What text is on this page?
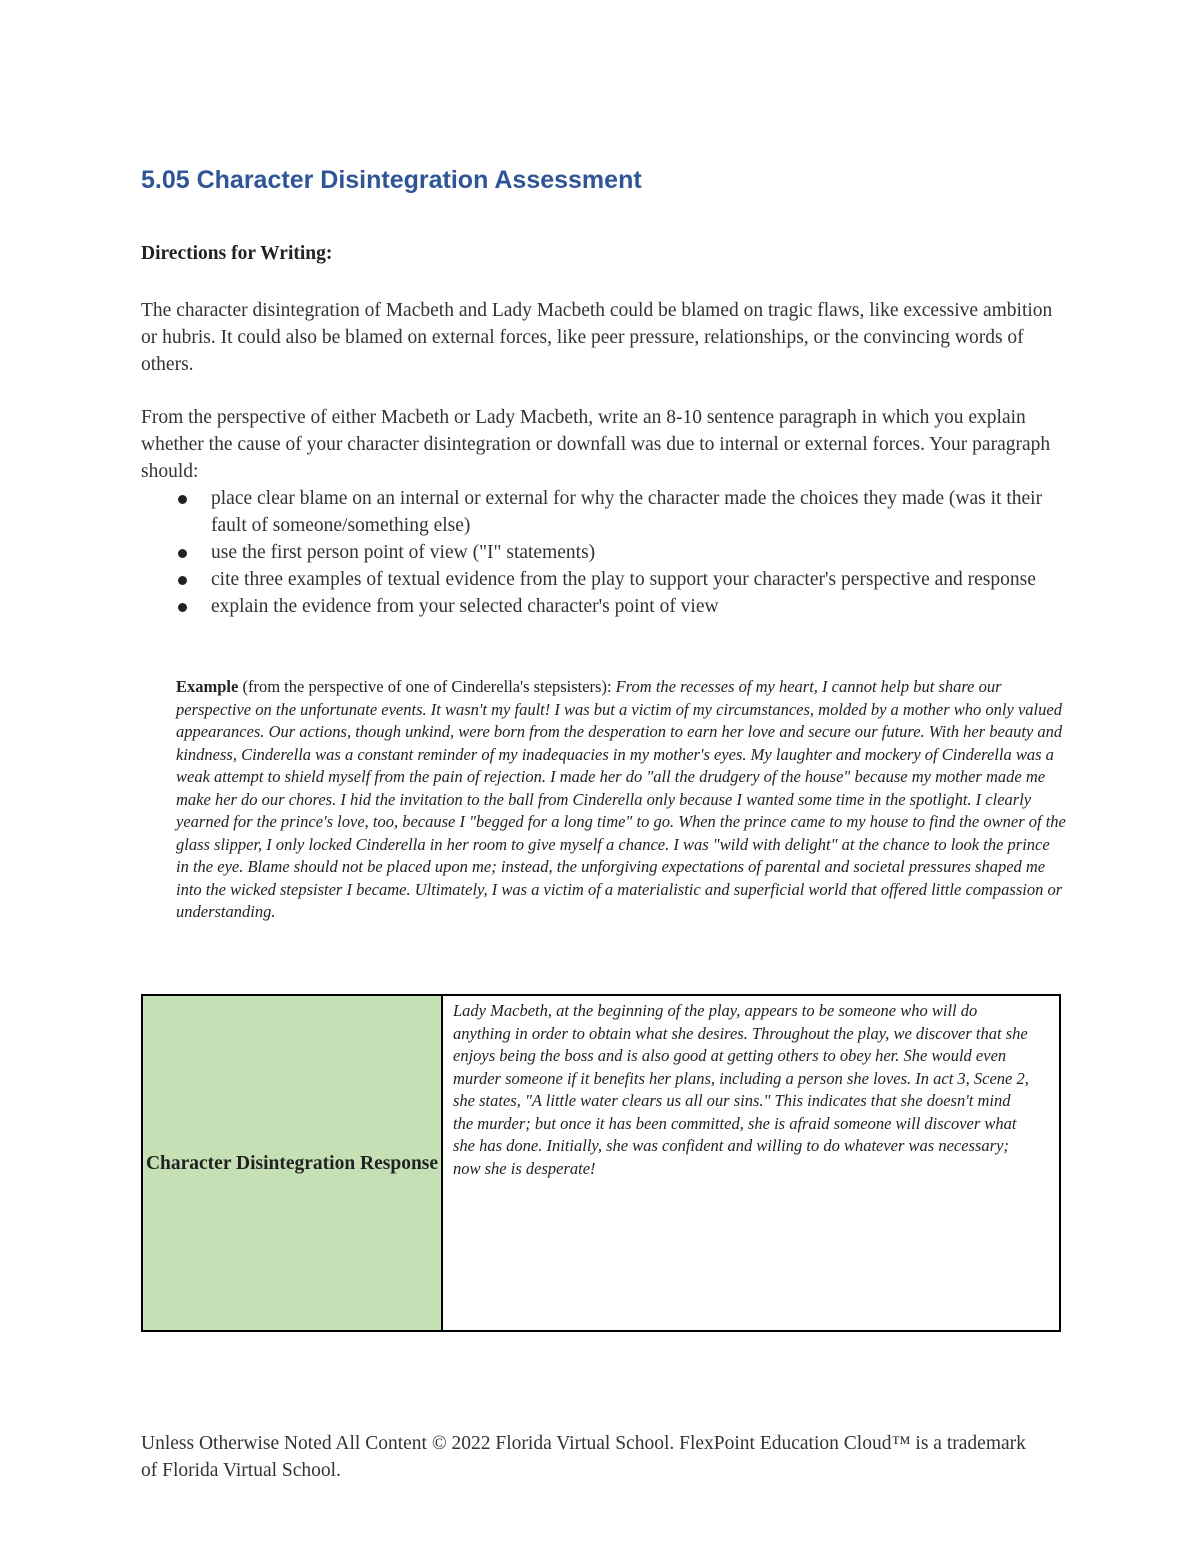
5.05 Character Disintegration Assessment
Directions for Writing:

The character disintegration of Macbeth and Lady Macbeth could be blamed on tragic flaws, like excessive ambition or hubris. It could also be blamed on external forces, like peer pressure, relationships, or the convincing words of others.

From the perspective of either Macbeth or Lady Macbeth, write an 8-10 sentence paragraph in which you explain whether the cause of your character disintegration or downfall was due to internal or external forces. Your paragraph should:

place clear blame on an internal or external for why the character made the choices they made (was it their fault of someone/something else)
use the first person point of view ("I" statements)
cite three examples of textual evidence from the play to support your character's perspective and response
explain the evidence from your selected character's point of view

Example (from the perspective of one of Cinderella's stepsisters): From the recesses of my heart, I cannot help but share our perspective on the unfortunate events. It wasn't my fault! I was but a victim of my circumstances, molded by a mother who only valued appearances. Our actions, though unkind, were born from the desperation to earn her love and secure our future. With her beauty and kindness, Cinderella was a constant reminder of my inadequacies in my mother's eyes. My laughter and mockery of Cinderella was a weak attempt to shield myself from the pain of rejection. I made her do "all the drudgery of the house" because my mother made me make her do our chores. I hid the invitation to the ball from Cinderella only because I wanted some time in the spotlight. I clearly yearned for the prince's love, too, because I "begged for a long time" to go. When the prince came to my house to find the owner of the glass slipper, I only locked Cinderella in her room to give myself a chance. I was "wild with delight" at the chance to look the prince in the eye. Blame should not be placed upon me; instead, the unforgiving expectations of parental and societal pressures shaped me into the wicked stepsister I became. Ultimately, I was a victim of a materialistic and superficial world that offered little compassion or understanding.

Character Disintegration Response	Lady Macbeth, at the beginning of the play, appears to be someone who will do anything in order to obtain what she desires. Throughout the play, we discover that she enjoys being the boss and is also good at getting others to obey her. She would even murder someone if it benefits her plans, including a person she loves. In act 3, Scene 2, she states, "A little water clears us all our sins." This indicates that she doesn't mind the murder; but once it has been committed, she is afraid someone will discover what she has done. Initially, she was confident and willing to do whatever was necessary; now she is desperate!

Unless Otherwise Noted All Content © 2022 Florida Virtual School. FlexPoint Education Cloud™ is a trademark of Florida Virtual School.
